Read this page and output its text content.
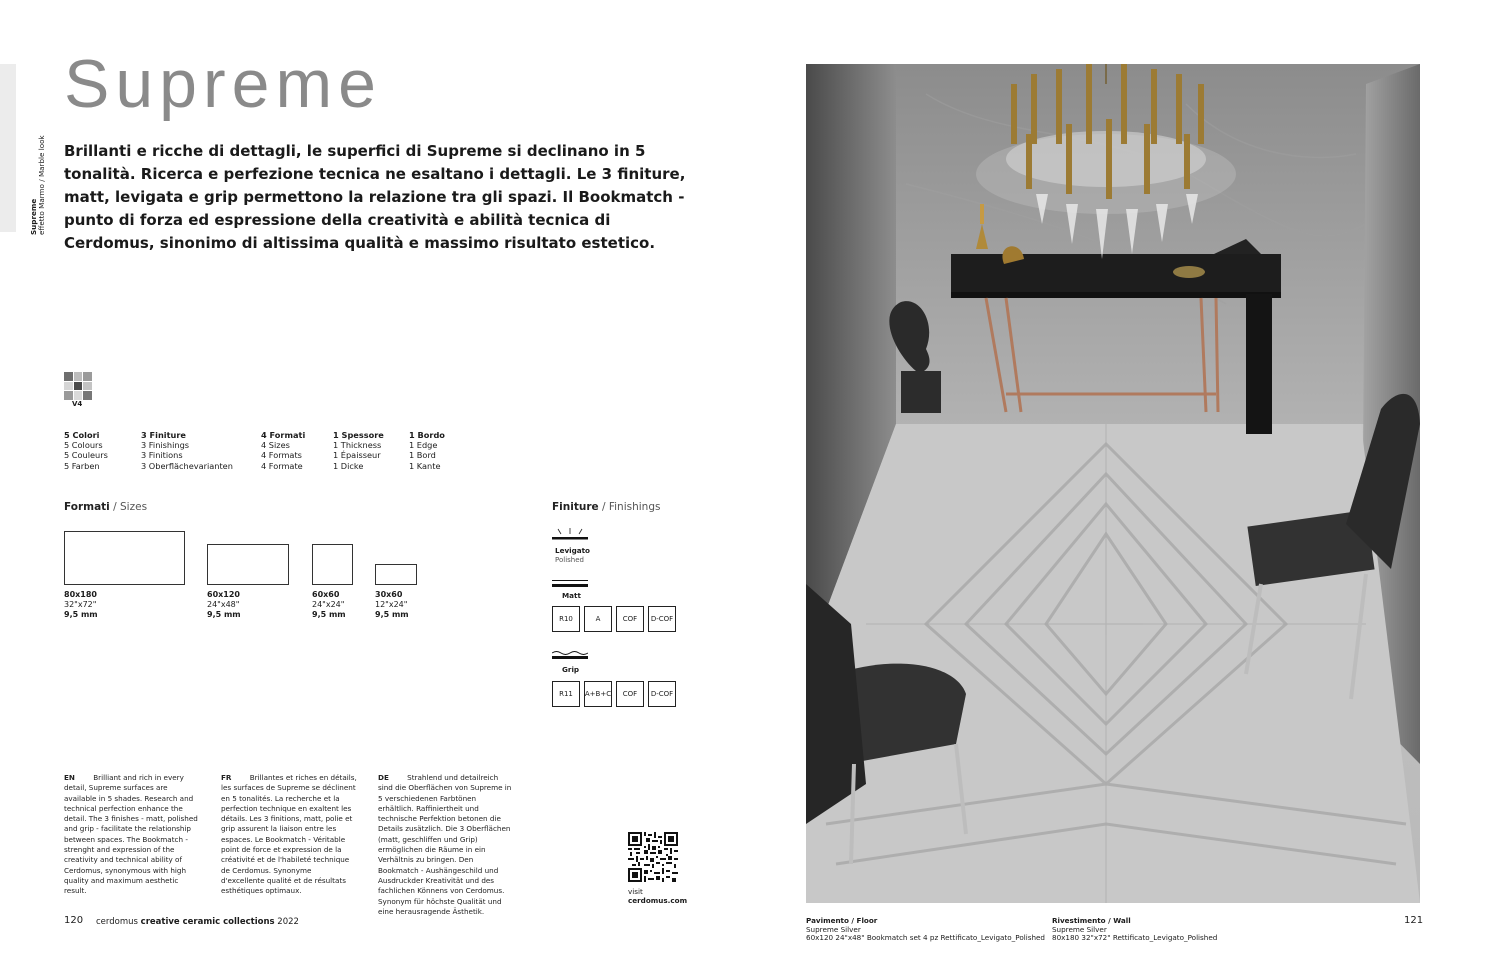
Supreme
effetto Marmo / Marble look
Supreme
Brillanti e ricche di dettagli, le superfici di Supreme si declinano in 5 tonalità. Ricerca e perfezione tecnica ne esaltano i dettagli. Le 3 finiture, matt, levigata e grip permettono la relazione tra gli spazi. Il Bookmatch - punto di forza ed espressione della creatività e abilità tecnica di Cerdomus, sinonimo di altissima qualità e massimo risultato estetico.
V4
5 Colori
5 Colours
5 Couleurs
5 Farben
3 Finiture
3 Finishings
3 Finitions
3 Oberflächevarianten
4 Formati
4 Sizes
4 Formats
4 Formate
1 Spessore
1 Thickness
1 Épaisseur
1 Dicke
1 Bordo
1 Edge
1 Bord
1 Kante
Formati / Sizes
80x180
32"x72"
9,5 mm
60x120
24"x48"
9,5 mm
60x60
24"x24"
9,5 mm
30x60
12"x24"
9,5 mm
Finiture / Finishings
Levigato
Polished
Matt
R10	A	COF	D-COF
Grip
R11	A+B+C	COF	D-COF
EN	Brilliant and rich in every detail, Supreme surfaces are available in 5 shades. Research and technical perfection enhance the detail. The 3 finishes - matt, polished and grip - facilitate the relationship between spaces. The Bookmatch - strenght and expression of the creativity and technical ability of Cerdomus, synonymous with high quality and maximum aesthetic result.
FR	Brillantes et riches en détails, les surfaces de Supreme se déclinent en 5 tonalités. La recherche et la perfection technique en exaltent les détails. Les 3 finitions, matt, polie et grip assurent la liaison entre les espaces. Le Bookmatch - Véritable point de force et expression de la créativité et de l'habileté technique de Cerdomus. Synonyme d'excellente qualité et de résultats esthétiques optimaux.
DE	Strahlend und detailreich sind die Oberflächen von Supreme in 5 verschiedenen Farbtönen erhältlich. Raffiniertheit und technische Perfektion betonen die Details zusätzlich. Die 3 Oberflächen (matt, geschliffen und Grip) ermöglichen die Räume in ein Verhältnis zu bringen. Den Bookmatch - Aushängeschild und Ausdruckder Kreativität und des fachlichen Könnens von Cerdomus. Synonym für höchste Qualität und eine herausragende Ästhetik.
visit
cerdomus.com
120 cerdomus creative ceramic collections 2022	Pavimento / Floor
Supreme Silver
60x120 24"x48" Bookmatch set 4 pz Rettificato_Levigato_Polished
Rivestimento / Wall
Supreme Silver
80x180 32"x72" Rettificato_Levigato_Polished
121
